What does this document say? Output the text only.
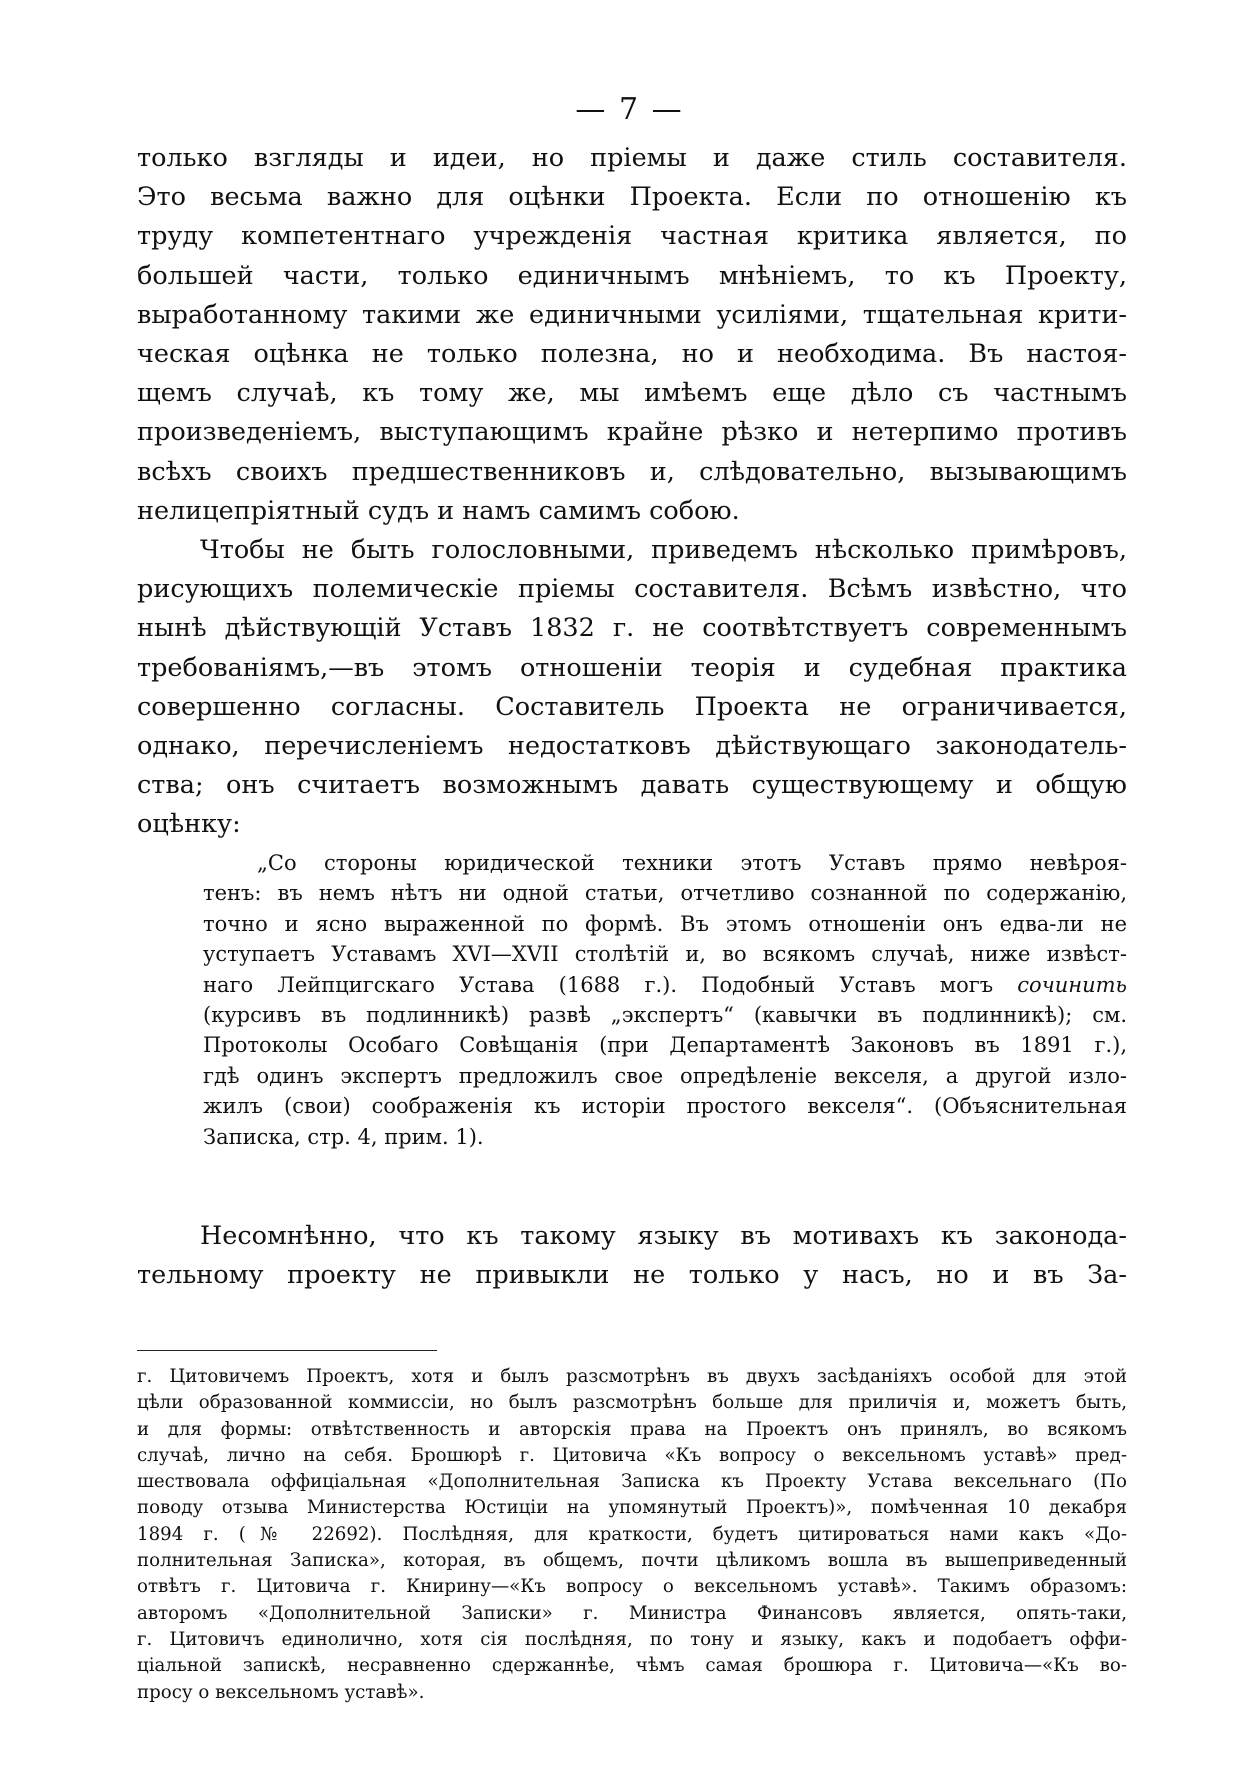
— 7 —
только взгляды и идеи, но пріемы и даже стиль составителя.
Это весьма важно для оцѣнки Проекта. Если по отношенію къ
труду компетентнаго учрежденія частная критика является, по
большей части, только единичнымъ мнѣніемъ, то къ Проекту,
выработанному такими же единичными усиліями, тщательная крити-
ческая оцѣнка не только полезна, но и необходима. Въ настоя-
щемъ случаѣ, къ тому же, мы имѣемъ еще дѣло съ частнымъ
произведеніемъ, выступающимъ крайне рѣзко и нетерпимо противъ
всѣхъ своихъ предшественниковъ и, слѣдовательно, вызывающимъ
нелицепріятный судъ и намъ самимъ собою.
Чтобы не быть голословными, приведемъ нѣсколько примѣровъ,
рисующихъ полемическіе пріемы составителя. Всѣмъ извѣстно, что
нынѣ дѣйствующій Уставъ 1832 г. не соотвѣтствуетъ современнымъ
требованіямъ,—въ этомъ отношеніи теорія и судебная практика
совершенно согласны. Составитель Проекта не ограничивается,
однако, перечисленіемъ недостатковъ дѣйствующаго законодатель-
ства; онъ считаетъ возможнымъ давать существующему и общую
оцѣнку:
„Со стороны юридической техники этотъ Уставъ прямо невѣроя-
тенъ: въ немъ нѣтъ ни одной статьи, отчетливо сознанной по содержанію,
точно и ясно выраженной по формѣ. Въ этомъ отношеніи онъ едва-ли не
уступаетъ Уставамъ XVI—XVII столѣтій и, во всякомъ случаѣ, ниже извѣст-
наго Лейпцигскаго Устава (1688 г.). Подобный Уставъ могъ сочинить
(курсивъ въ подлинникѣ) развѣ „экспертъ“ (кавычки въ подлинникѣ); см.
Протоколы Особаго Совѣщанія (при Департаментѣ Законовъ въ 1891 г.),
гдѣ одинъ экспертъ предложилъ свое опредѣленіе векселя, а другой изло-
жилъ (свои) соображенія къ исторіи простого векселя“. (Объяснительная
Записка, стр. 4, прим. 1).
Несомнѣнно, что къ такому языку въ мотивахъ къ законода-
тельному проекту не привыкли не только у насъ, но и въ За-
г. Цитовичемъ Проектъ, хотя и былъ разсмотрѣнъ въ двухъ засѣданіяхъ особой для этой
цѣли образованной коммиссіи, но былъ разсмотрѣнъ больше для приличія и, можетъ быть,
и для формы: отвѣтственность и авторскія права на Проектъ онъ принялъ, во всякомъ
случаѣ, лично на себя. Брошюрѣ г. Цитовича «Къ вопросу о вексельномъ уставѣ» пред-
шествовала оффиціальная «Дополнительная Записка къ Проекту Устава вексельнаго (По
поводу отзыва Министерства Юстиціи на упомянутый Проектъ)», помѣченная 10 декабря
1894 г. (№ 22692). Послѣдняя, для краткости, будетъ цитироваться нами какъ «До-
полнительная Записка», которая, въ общемъ, почти цѣликомъ вошла въ вышеприведенный
отвѣтъ г. Цитовича г. Книрину—«Къ вопросу о вексельномъ уставѣ». Такимъ образомъ:
авторомъ «Дополнительной Записки» г. Министра Финансовъ является, опять-таки,
г. Цитовичъ единолично, хотя сія послѣдняя, по тону и языку, какъ и подобаетъ оффи-
ціальной запискѣ, несравненно сдержаннѣе, чѣмъ самая брошюра г. Цитовича—«Къ во-
просу о вексельномъ уставѣ».
